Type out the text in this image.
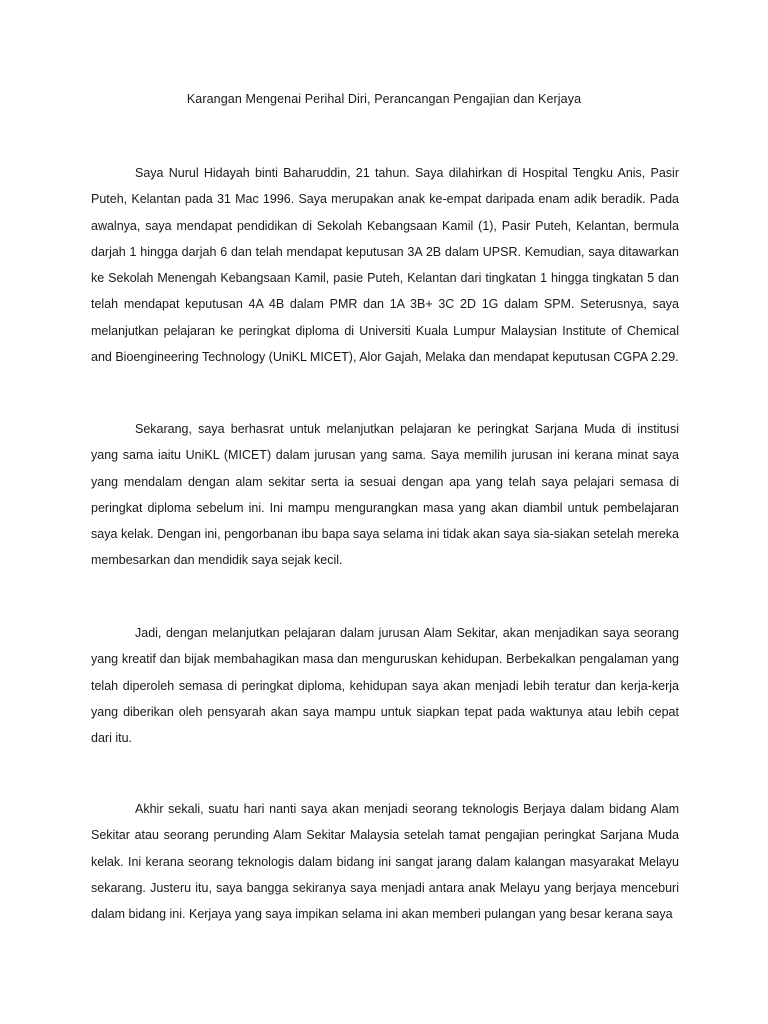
Karangan Mengenai Perihal Diri, Perancangan Pengajian dan Kerjaya

Saya Nurul Hidayah binti Baharuddin, 21 tahun. Saya dilahirkan di Hospital Tengku Anis, Pasir Puteh, Kelantan pada 31 Mac 1996. Saya merupakan anak ke-empat daripada enam adik beradik. Pada awalnya, saya mendapat pendidikan di Sekolah Kebangsaan Kamil (1), Pasir Puteh, Kelantan, bermula darjah 1 hingga darjah 6 dan telah mendapat keputusan 3A 2B dalam UPSR. Kemudian, saya ditawarkan ke Sekolah Menengah Kebangsaan Kamil, pasie Puteh, Kelantan dari tingkatan 1 hingga tingkatan 5 dan telah mendapat keputusan 4A 4B dalam PMR dan 1A 3B+ 3C 2D 1G dalam SPM. Seterusnya, saya melanjutkan pelajaran ke peringkat diploma di Universiti Kuala Lumpur Malaysian Institute of Chemical and Bioengineering Technology (UniKL MICET), Alor Gajah, Melaka dan mendapat keputusan CGPA 2.29.

Sekarang, saya berhasrat untuk melanjutkan pelajaran ke peringkat Sarjana Muda di institusi yang sama iaitu UniKL (MICET) dalam jurusan yang sama. Saya memilih jurusan ini kerana minat saya yang mendalam dengan alam sekitar serta ia sesuai dengan apa yang telah saya pelajari semasa di peringkat diploma sebelum ini. Ini mampu mengurangkan masa yang akan diambil untuk pembelajaran saya kelak. Dengan ini, pengorbanan ibu bapa saya selama ini tidak akan saya sia-siakan setelah mereka membesarkan dan mendidik saya sejak kecil.

Jadi, dengan melanjutkan pelajaran dalam jurusan Alam Sekitar, akan menjadikan saya seorang yang kreatif dan bijak membahagikan masa dan menguruskan kehidupan. Berbekalkan pengalaman yang telah diperoleh semasa di peringkat diploma, kehidupan saya akan menjadi lebih teratur dan kerja-kerja yang diberikan oleh pensyarah akan saya mampu untuk siapkan tepat pada waktunya atau lebih cepat dari itu.

Akhir sekali, suatu hari nanti saya akan menjadi seorang teknologis Berjaya dalam bidang Alam Sekitar atau seorang perunding Alam Sekitar Malaysia setelah tamat pengajian peringkat Sarjana Muda kelak. Ini kerana seorang teknologis dalam bidang ini sangat jarang dalam kalangan masyarakat Melayu sekarang. Justeru itu, saya bangga sekiranya saya menjadi antara anak Melayu yang berjaya menceburi dalam bidang ini. Kerjaya yang saya impikan selama ini akan memberi pulangan yang besar kerana saya
